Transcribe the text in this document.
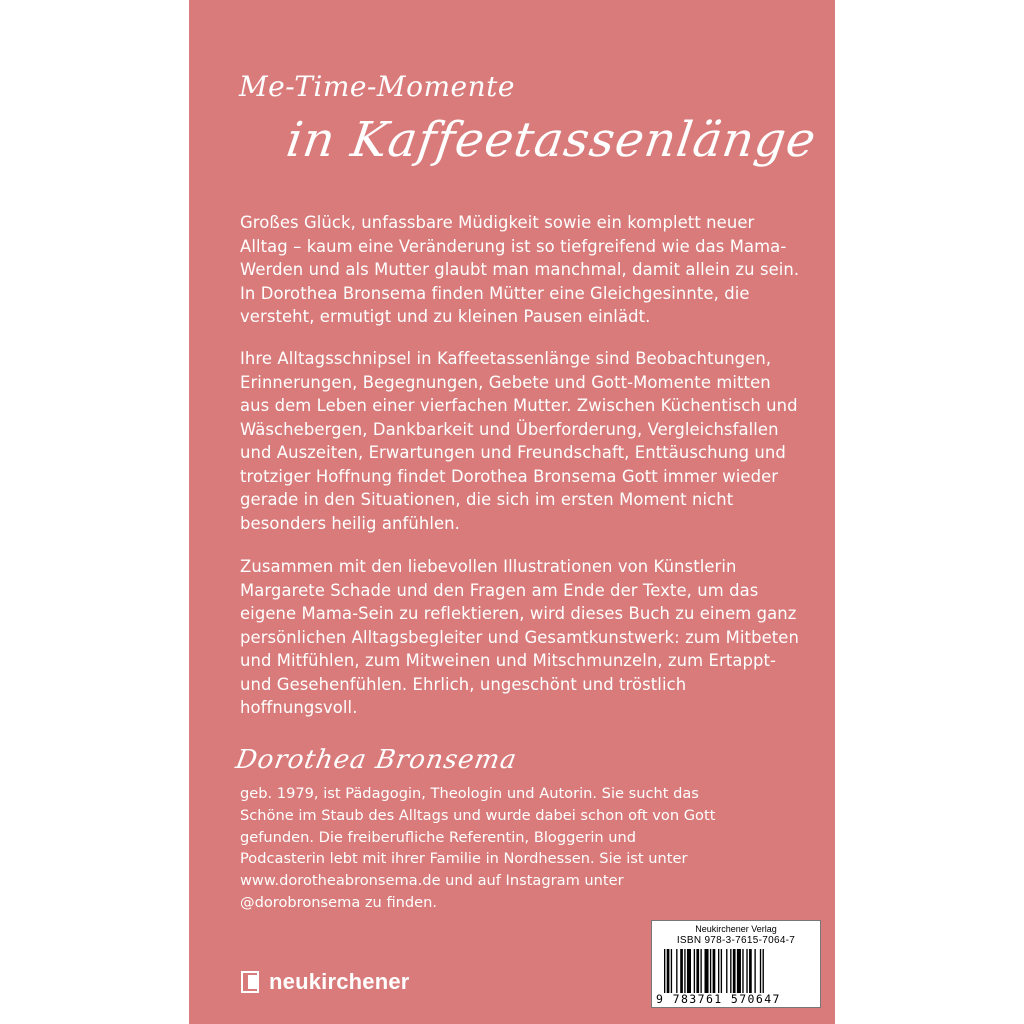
Me-Time-Momente
in Kaffeetassenlänge

Großes Glück, unfassbare Müdigkeit sowie ein komplett neuer Alltag – kaum eine Veränderung ist so tiefgreifend wie das Mama-Werden und als Mutter glaubt man manchmal, damit allein zu sein. In Dorothea Bronsema finden Mütter eine Gleichgesinnte, die versteht, ermutigt und zu kleinen Pausen einlädt.

Ihre Alltagsschnipsel in Kaffeetassenlänge sind Beobachtungen, Erinnerungen, Begegnungen, Gebete und Gott-Momente mitten aus dem Leben einer vierfachen Mutter. Zwischen Küchentisch und Wäschebergen, Dankbarkeit und Überforderung, Vergleichsfallen und Auszeiten, Erwartungen und Freundschaft, Enttäuschung und trotziger Hoffnung findet Dorothea Bronsema Gott immer wieder gerade in den Situationen, die sich im ersten Moment nicht besonders heilig anfühlen.

Zusammen mit den liebevollen Illustrationen von Künstlerin Margarete Schade und den Fragen am Ende der Texte, um das eigene Mama-Sein zu reflektieren, wird dieses Buch zu einem ganz persönlichen Alltagsbegleiter und Gesamtkunstwerk: zum Mitbeten und Mitfühlen, zum Mitweinen und Mitschmunzeln, zum Ertappt- und Gesehenfühlen. Ehrlich, ungeschönt und tröstlich hoffnungsvoll.

Dorothea Bronsema

geb. 1979, ist Pädagogin, Theologin und Autorin. Sie sucht das Schöne im Staub des Alltags und wurde dabei schon oft von Gott gefunden. Die freiberufliche Referentin, Bloggerin und Podcasterin lebt mit ihrer Familie in Nordhessen. Sie ist unter www.dorotheabronsema.de und auf Instagram unter @dorobronsema zu finden.

neukirchener
Neukirchener Verlag
ISBN 978-3-7615-7064-7
9 783761 570647
